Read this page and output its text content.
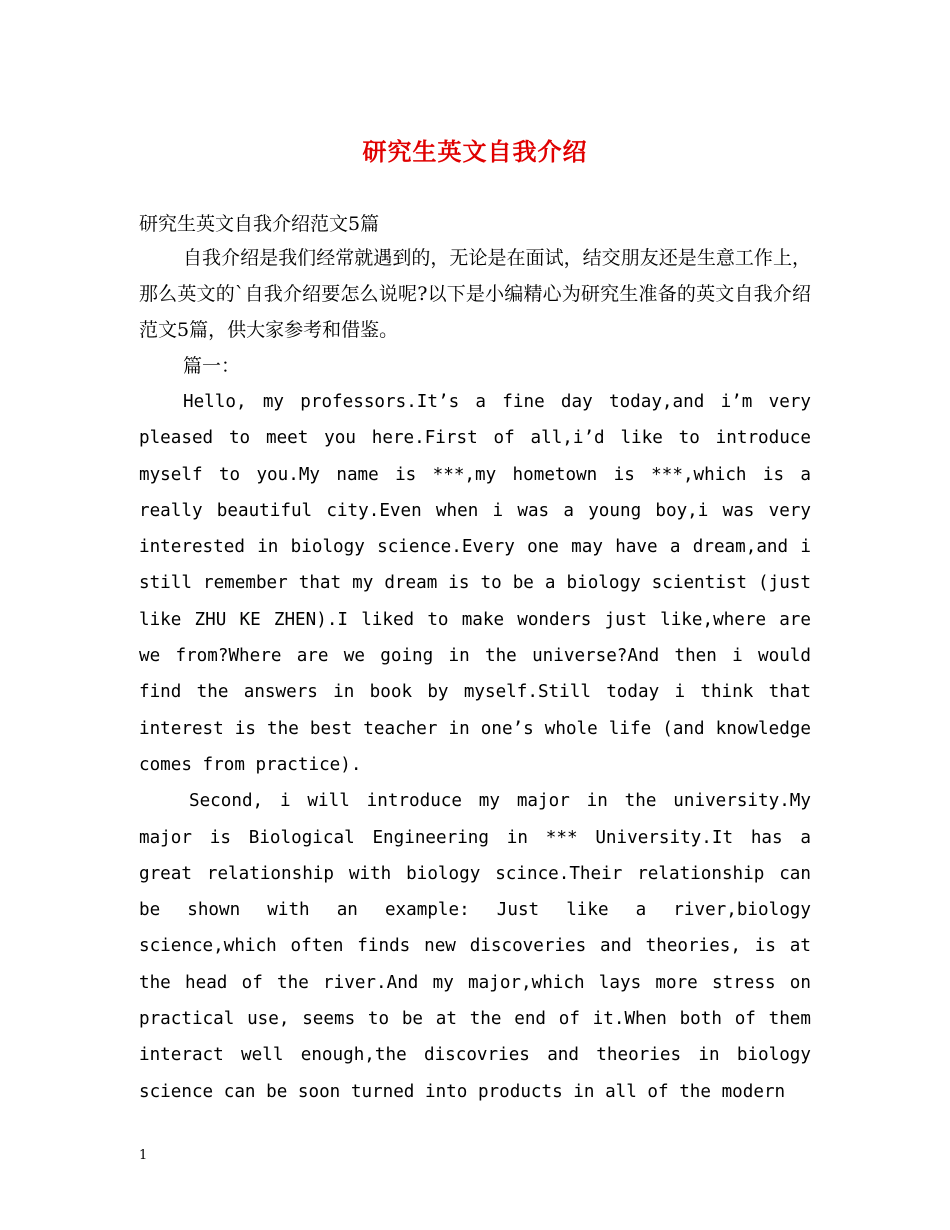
研究生英文自我介绍

研究生英文自我介绍范文5篇

自我介绍是我们经常就遇到的，无论是在面试，结交朋友还是生意工作上，那么英文的`自我介绍要怎么说呢?以下是小编精心为研究生准备的英文自我介绍范文5篇，供大家参考和借鉴。

篇一：

Hello, my professors.It’s a fine day today,and i’m very pleased to meet you here.First of all,i’d like to introduce myself to you.My name is ***,my hometown is ***,which is a really beautiful city.Even when i was a young boy,i was very interested in biology science.Every one may have a dream,and i still remember that my dream is to be a biology scientist (just like ZHU KE ZHEN).I liked to make wonders just like,where are we from?Where are we going in the universe?And then i would find the answers in book by myself.Still today i think that interest is the best teacher in one’s whole life (and knowledge comes from practice).

Second, i will introduce my major in the university.My major is Biological Engineering in *** University.It has a great relationship with biology scince.Their relationship can be shown with an example: Just like a river,biology science,which often finds new discoveries and theories, is at the head of the river.And my major,which lays more stress on practical use, seems to be at the end of it.When both of them interact well enough,the discovries and theories in biology science can be soon turned into products in all of the modern

1
